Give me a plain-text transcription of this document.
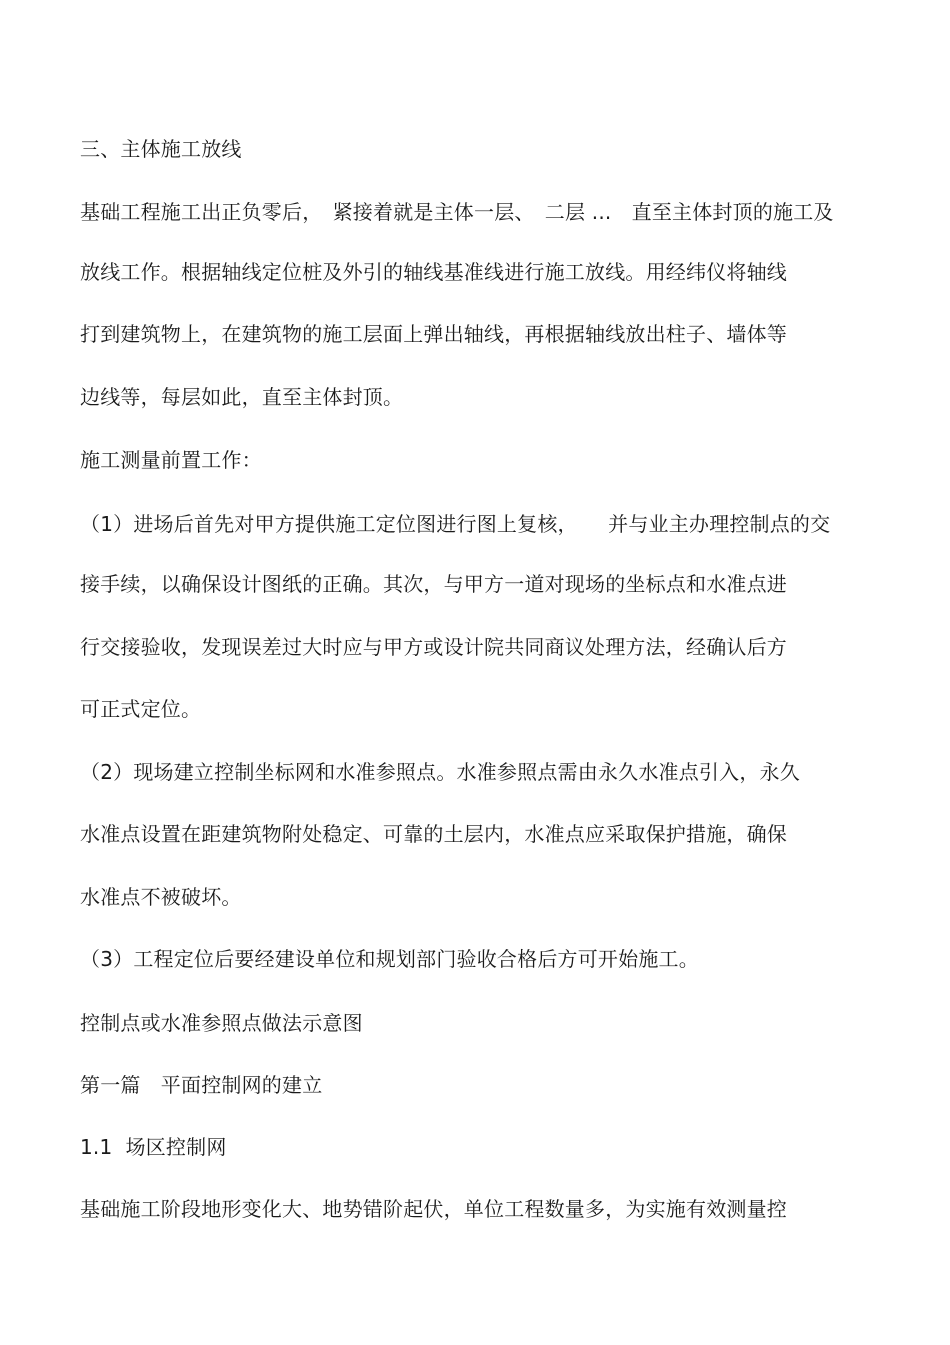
三、主体施工放线
基础工程施工出正负零后，　紧接着就是主体一层、　二层 ...　直至主体封顶的施工及
放线工作。根据轴线定位桩及外引的轴线基准线进行施工放线。用经纬仪将轴线
打到建筑物上，在建筑物的施工层面上弹出轴线，再根据轴线放出柱子、墙体等
边线等，每层如此，直至主体封顶。
施工测量前置工作：
（1）进场后首先对甲方提供施工定位图进行图上复核，　　并与业主办理控制点的交
接手续，以确保设计图纸的正确。其次，与甲方一道对现场的坐标点和水准点进
行交接验收，发现误差过大时应与甲方或设计院共同商议处理方法，经确认后方
可正式定位。
（2）现场建立控制坐标网和水准参照点。水准参照点需由永久水准点引入，永久
水准点设置在距建筑物附处稳定、可靠的土层内，水准点应采取保护措施，确保
水准点不被破坏。
（3）工程定位后要经建设单位和规划部门验收合格后方可开始施工。
控制点或水准参照点做法示意图
第一篇　平面控制网的建立
1.1  场区控制网
基础施工阶段地形变化大、地势错阶起伏，单位工程数量多，为实施有效测量控
